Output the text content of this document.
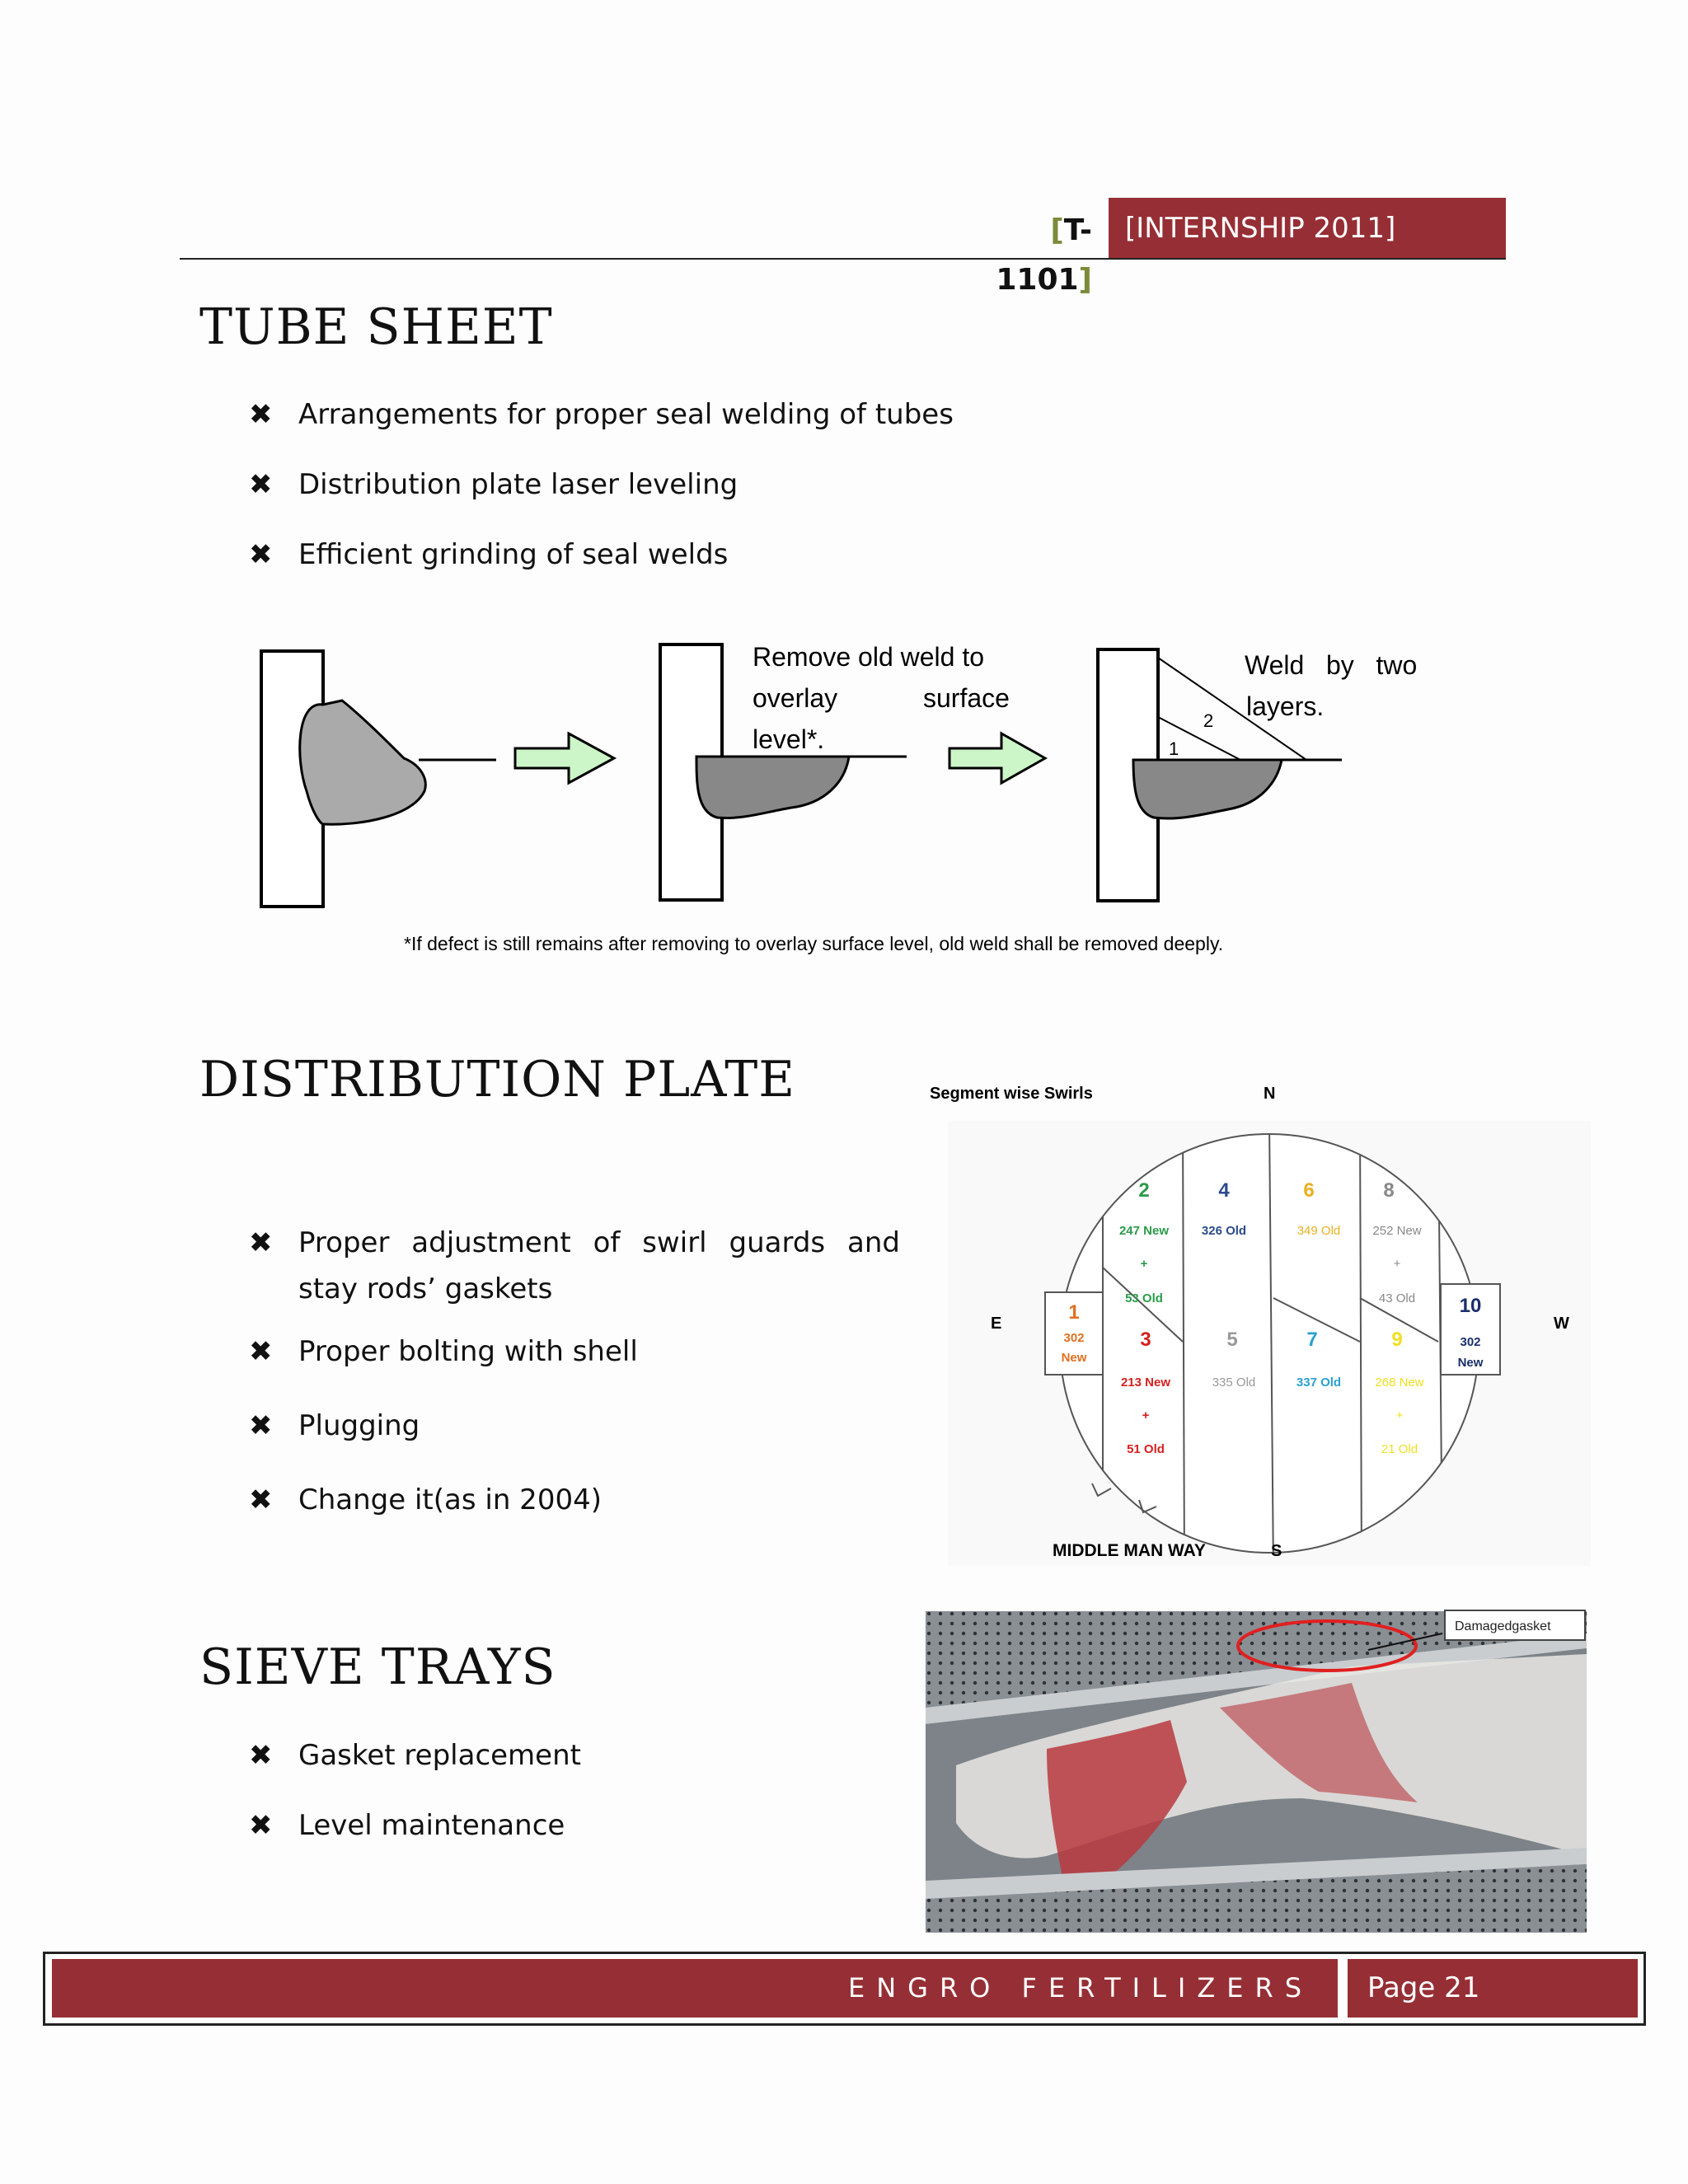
[T-1101]
[INTERNSHIP 2011]
TUBE SHEET
✖ Arrangements for proper seal welding of tubes
✖ Distribution plate laser leveling
✖ Efficient grinding of seal welds
Remove old weld to
overlay	surface
level*.	1
2
Weld   by   two
layers.
*If defect is still remains after removing to overlay surface level, old weld shall be removed deeply.
DISTRIBUTION PLATE
✖ Proper adjustment of swirl guards and stay rods’ gaskets
✖ Proper bolting with shell
✖ Plugging
✖ Change it(as in 2004)
Segment wise Swirls	N
E	W
MIDDLE MAN WAY	S
1
302
New
2
247 New
+
53 Old
3
213 New
+
51 Old
4
326 Old
5
335 Old
6
349 Old
7
337 Old
8
252 New
+
43 Old
9
268 New
+
21 Old
10
302
New
SIEVE TRAYS
✖ Gasket replacement
✖ Level maintenance
Damagedgasket
ENGRO FERTILIZERS	Page 21
